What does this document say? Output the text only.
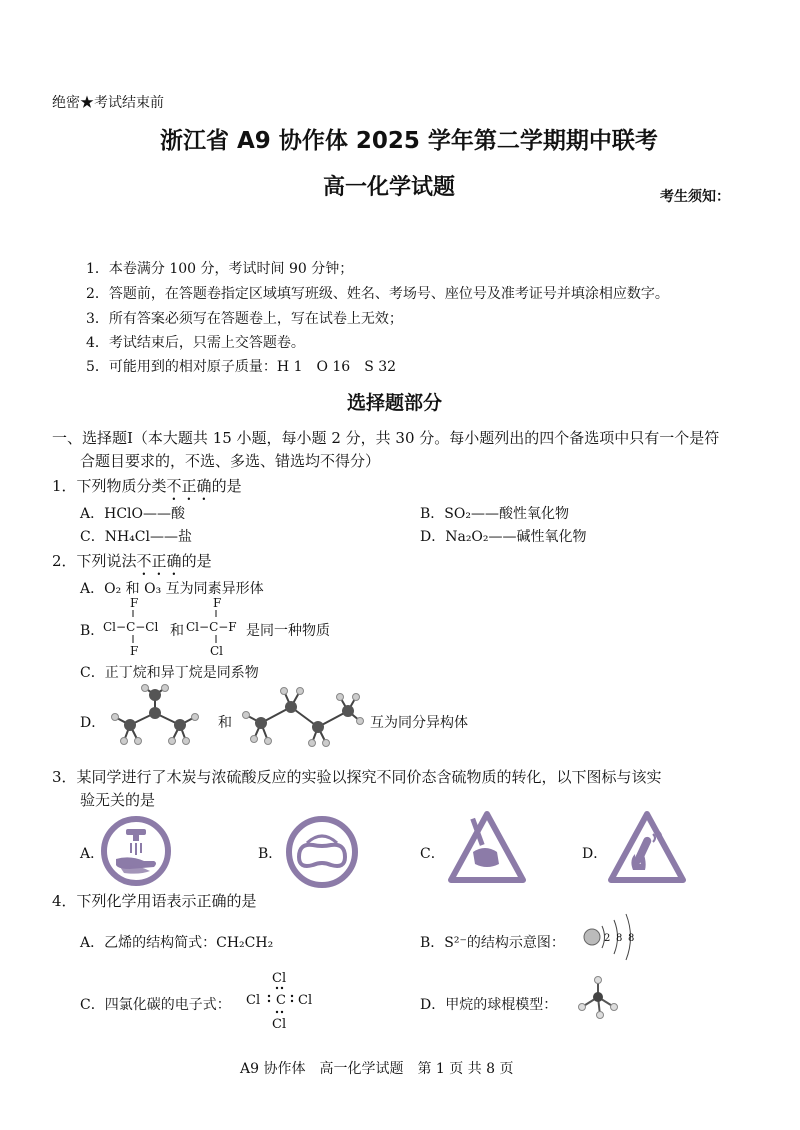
绝密★考试结束前
浙江省 A9 协作体 2025 学年第二学期期中联考
高一化学试题	考生须知：
1．本卷满分 100 分，考试时间 90 分钟；
2．答题前，在答题卷指定区域填写班级、姓名、考场号、座位号及准考证号并填涂相应数字。
3．所有答案必须写在答题卷上，写在试卷上无效；
4．考试结束后，只需上交答题卷。
5．可能用到的相对原子质量：H 1　O 16　S 32
选择题部分
一、选择题Ⅰ（本大题共 15 小题，每小题 2 分，共 30 分。每小题列出的四个备选项中只有一个是符
合题目要求的，不选、多选、错选均不得分）
1．下列物质分类不正确的是
A．HClO——酸	B．SO₂——酸性氧化物
C．NH₄Cl——盐	D．Na₂O₂——碱性氧化物
2．下列说法不正确的是
A．O₂ 和 O₃ 互为同素异形体
B．
F
Cl−C−Cl
F
F
Cl−C−F
Cl
和	是同一种物质
C．正丁烷和异丁烷是同系物
D．	和	互为同分异构体
3．某同学进行了木炭与浓硫酸反应的实验以探究不同价态含硫物质的转化，以下图标与该实
验无关的是
A．	B．	C．	D．
4．下列化学用语表示正确的是
A．乙烯的结构简式：CH₂CH₂	B．S²⁻的结构示意图：	2 8 8
C．四氯化碳的电子式：
Cl
Cl C Cl
Cl
D．甲烷的球棍模型：
A9 协作体　高一化学试题　第 1 页 共 8 页
